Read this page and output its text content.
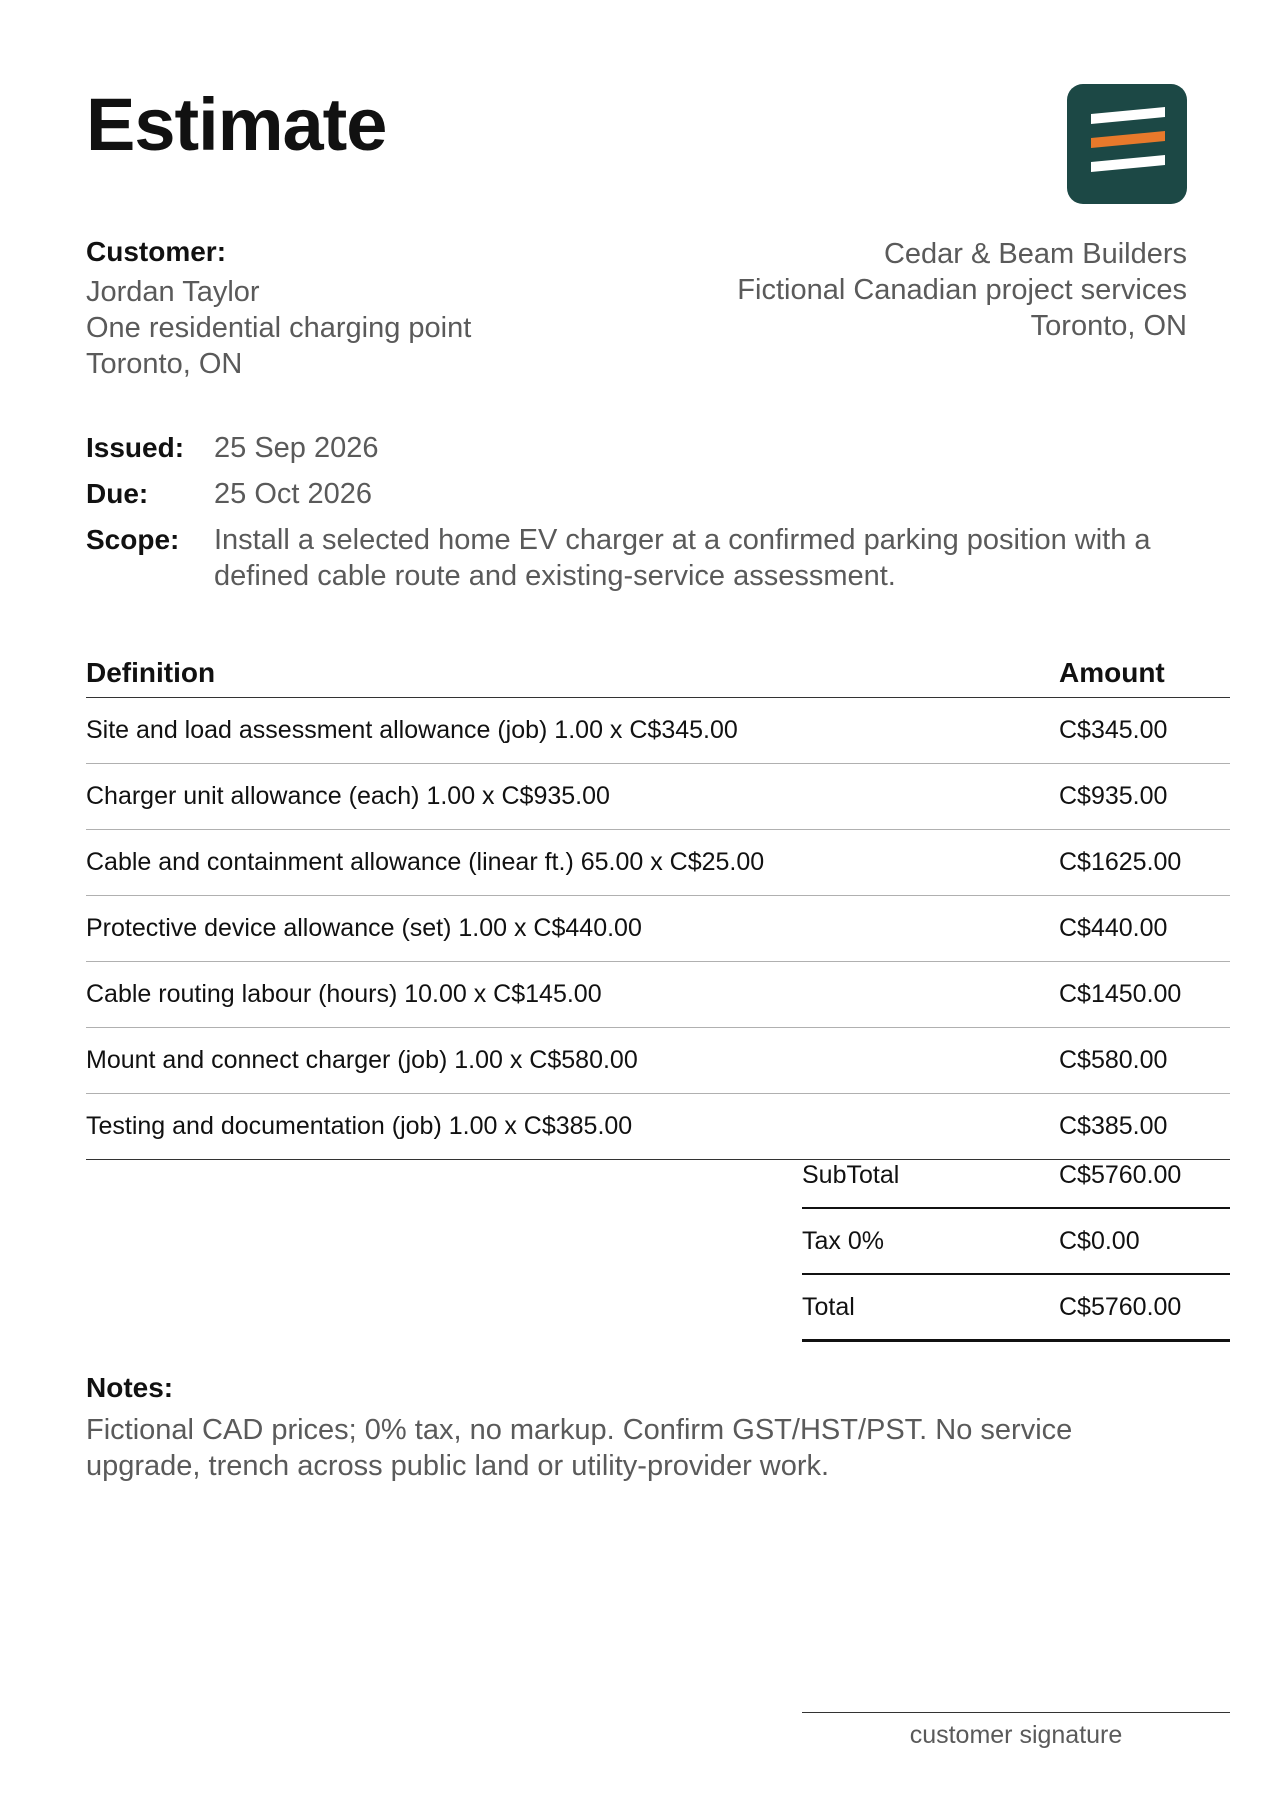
Estimate
Customer:
Jordan Taylor
One residential charging point
Toronto, ON
Cedar & Beam Builders
Fictional Canadian project services
Toronto, ON
Issued:	25 Sep 2026
Due:	25 Oct 2026
Scope:	Install a selected home EV charger at a confirmed parking position with a defined cable route and existing-service assessment.
Definition	Amount
Site and load assessment allowance (job) 1.00 x C$345.00	C$345.00
Charger unit allowance (each) 1.00 x C$935.00	C$935.00
Cable and containment allowance (linear ft.) 65.00 x C$25.00	C$1625.00
Protective device allowance (set) 1.00 x C$440.00	C$440.00
Cable routing labour (hours) 10.00 x C$145.00	C$1450.00
Mount and connect charger (job) 1.00 x C$580.00	C$580.00
Testing and documentation (job) 1.00 x C$385.00	C$385.00
SubTotal	C$5760.00
Tax 0%	C$0.00
Total	C$5760.00
Notes:
Fictional CAD prices; 0% tax, no markup. Confirm GST/HST/PST. No service upgrade, trench across public land or utility-provider work.
customer signature
